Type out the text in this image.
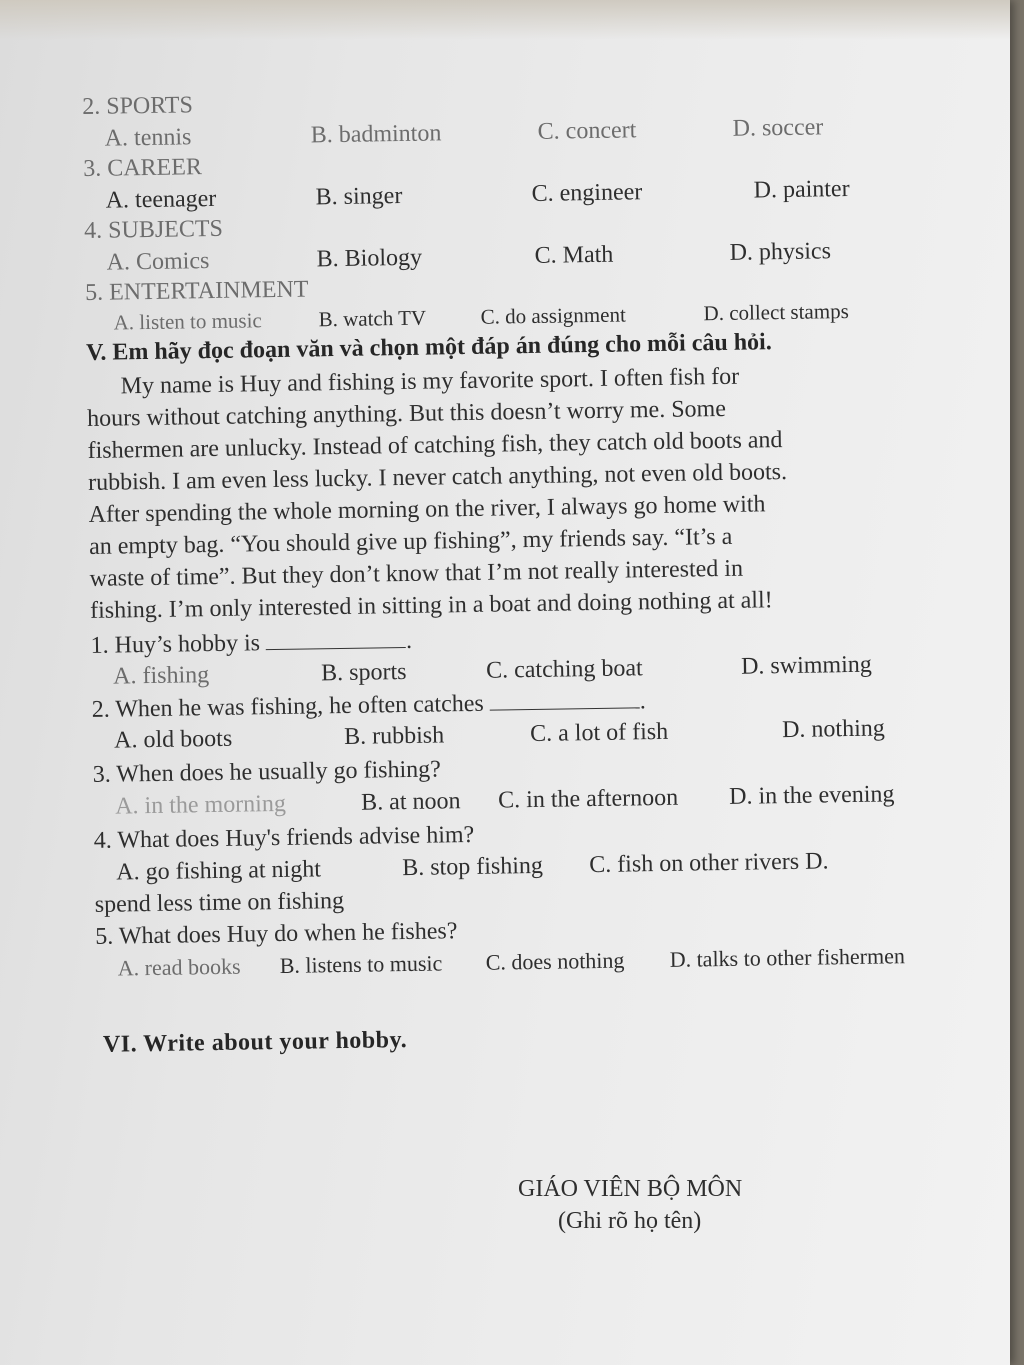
2. SPORTS
A. tennis	B. badminton	C. concert	D. soccer
3. CAREER
A. teenager	B. singer	C. engineer	D. painter
4. SUBJECTS
A. Comics	B. Biology	C. Math	D. physics
5. ENTERTAINMENT
A. listen to music	B. watch TV	C. do assignment	D. collect stamps
V. Em hãy đọc đoạn văn và chọn một đáp án đúng cho mỗi câu hỏi.
My name is Huy and fishing is my favorite sport. I often fish for
hours without catching anything. But this doesn’t worry me. Some
fishermen are unlucky. Instead of catching fish, they catch old boots and
rubbish. I am even less lucky. I never catch anything, not even old boots.
After spending the whole morning on the river, I always go home with
an empty bag. “You should give up fishing”, my friends say. “It’s a
waste of time”. But they don’t know that I’m not really interested in
fishing. I’m only interested in sitting in a boat and doing nothing at all!
1. Huy’s hobby is	.
A. fishing	B. sports	C. catching boat	D. swimming
2. When he was fishing, he often catches	.
A. old boots	B. rubbish	C. a lot of fish	D. nothing
3. When does he usually go fishing?
A. in the morning	B. at noon C. in the afternoon D. in the evening
4. What does Huy's friends advise him?
A. go fishing at night	B. stop fishing C. fish on other rivers D.
spend less time on fishing
5. What does Huy do when he fishes?
A. read books B. listens to music C. does nothing D. talks to other fishermen
VI. Write about your hobby.
GIÁO VIÊN BỘ MÔN
(Ghi rõ họ tên)
